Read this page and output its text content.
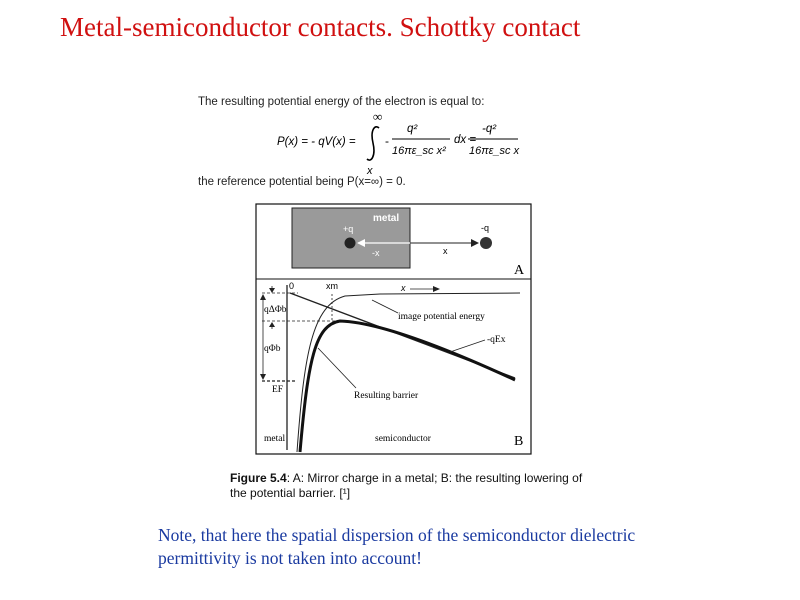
Metal-semiconductor contacts. Schottky contact
The resulting potential energy of the electron is equal to:
P(x) = - qV(x) =
∞
x
-
q²
16πε_sc x²
dx =
-q²
16πε_sc x
the reference potential being P(x=∞) = 0.
metal
+q
-x	x
-q
A
0	xm	x
qΔΦb
qΦb
EF
image potential energy
-qEx
Resulting barrier
metal	semiconductor	B
Figure 5.4: A: Mirror charge in a metal; B: the resulting lowering of the potential barrier. [¹]
Note, that here the spatial dispersion of the semiconductor dielectric permittivity is not taken into account!
